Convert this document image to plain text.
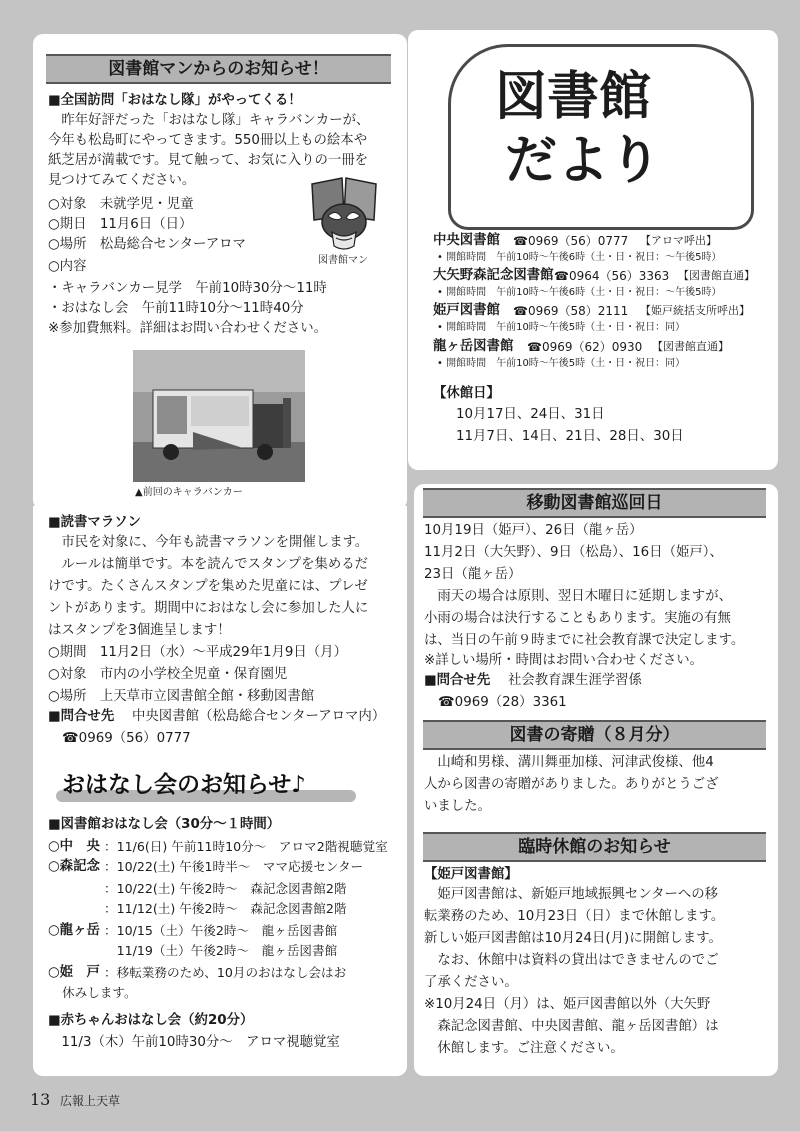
図書館マンからのお知らせ！
■全国訪問「おはなし隊」がやってくる！
　昨年好評だった「おはなし隊」キャラバンカーが、
今年も松島町にやってきます。550冊以上もの絵本や
紙芝居が満載です。見て触って、お気に入りの一冊を
見つけてみてください。
○対象　未就学児・児童
○期日　11月6日（日）
○場所　松島総合センターアロマ
○内容
・キャラバンカー見学　午前10時30分～11時
・おはなし会　午前11時10分～11時40分
※参加費無料。詳細はお問い合わせください。
図書館マン
▲前回のキャラバンカー
■読書マラソン
　市民を対象に、今年も読書マラソンを開催します。
　ルールは簡単です。本を読んでスタンプを集めるだ
けです。たくさんスタンプを集めた児童には、プレゼ
ントがあります。期間中におはなし会に参加した人に
はスタンプを3個進呈します！
○期間　11月2日（水）～平成29年1月9日（月）
○対象　市内の小学校全児童・保育園児
○場所　上天草市立図書館全館・移動図書館
■問合せ先 中央図書館（松島総合センターアロマ内）
☎0969（56）0777
おはなし会のお知らせ♪
■図書館おはなし会（30分～１時間）
○中　央 ：11/6(日) 午前11時10分～　アロマ2階視聴覚室
○森記念 ：10/22(土) 午後1時半～　ママ応援センター
：10/22(土) 午後2時～　森記念図書館2階
：11/12(土) 午後2時～　森記念図書館2階
○龍ヶ岳 ：10/15（土）午後2時～　龍ヶ岳図書館
　11/19（土）午後2時～　龍ヶ岳図書館
○姫　戸 ：移転業務のため、10月のおはなし会はお
休みします。
■赤ちゃんおはなし会（約20分）
　11/3（木）午前10時30分～　アロマ視聴覚室
図書館
だより
中央図書館 ☎0969（56）0777 【アロマ呼出】
• 開館時間　午前10時～午後6時（土・日・祝日：～午後5時）
大矢野森記念図書館 ☎0964（56）3363 【図書館直通】
• 開館時間　午前10時～午後6時（土・日・祝日：～午後5時）
姫戸図書館 ☎0969（58）2111 【姫戸統括支所呼出】
• 開館時間　午前10時～午後5時（土・日・祝日：同）
龍ヶ岳図書館 ☎0969（62）0930 【図書館直通】
• 開館時間　午前10時～午後5時（土・日・祝日：同）
【休館日】
10月17日、24日、31日
11月7日、14日、21日、28日、30日
移動図書館巡回日
10月19日（姫戸）、26日（龍ヶ岳）
11月2日（大矢野）、9日（松島）、16日（姫戸）、
23日（龍ヶ岳）
　雨天の場合は原則、翌日木曜日に延期しますが、
小雨の場合は決行することもあります。実施の有無
は、当日の午前９時までに社会教育課で決定します。
※詳しい場所・時間はお問い合わせください。
■問合せ先 社会教育課生涯学習係
☎0969（28）3361
図書の寄贈（８月分）
　山崎和男様、溝川舞亜加様、河津武俊様、他4
人から図書の寄贈がありました。ありがとうござ
いました。
臨時休館のお知らせ
【姫戸図書館】
　姫戸図書館は、新姫戸地域振興センターへの移
転業務のため、10月23日（日）まで休館します。
新しい姫戸図書館は10月24日(月)に開館します。
　なお、休館中は資料の貸出はできませんのでご
了承ください。
※10月24日（月）は、姫戸図書館以外（大矢野
　森記念図書館、中央図書館、龍ヶ岳図書館）は
　休館します。ご注意ください。
13 広報上天草
